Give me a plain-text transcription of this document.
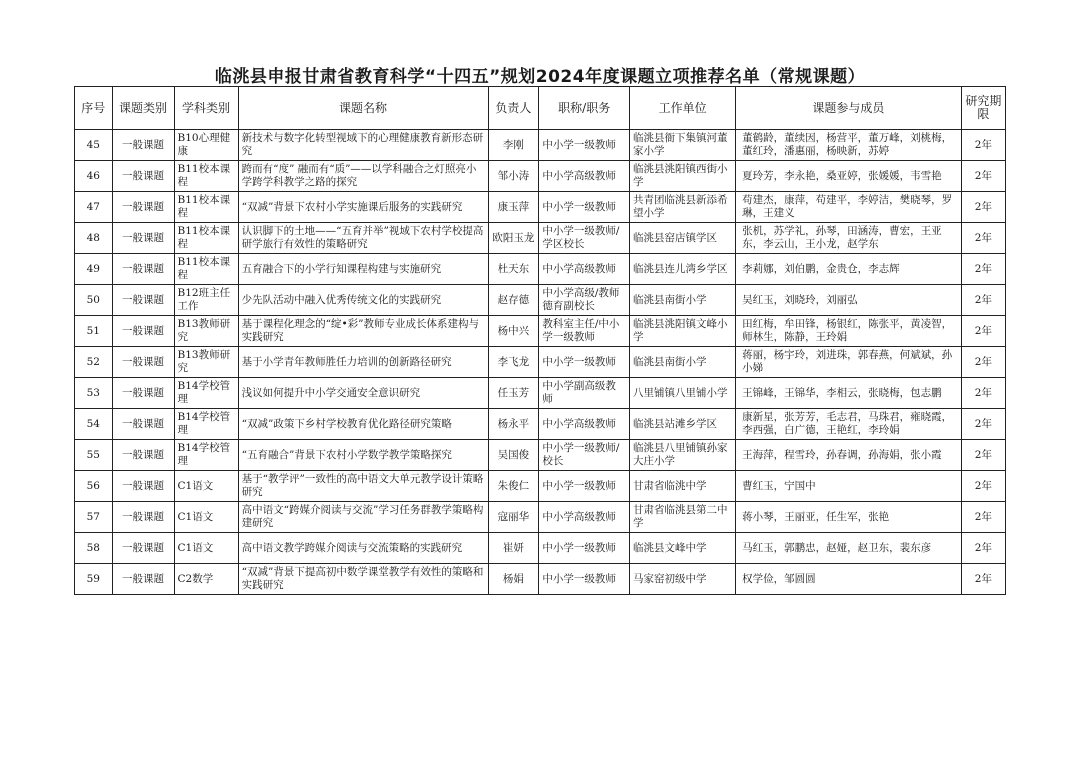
临洮县申报甘肃省教育科学“十四五”规划2024年度课题立项推荐名单（常规课题）
序号	课题类别	学科类别	课题名称	负责人	职称/职务	工作单位	课题参与成员	研究期限
45	一般课题	B10心理健康	新技术与数字化转型视域下的心理健康教育新形态研究	李刚	中小学一级教师	临洮县衙下集镇河董家小学	董鹤龄，董续因，杨营平，董万峰，刘桃梅，董红玲，潘惠丽，杨映新，苏婷	2年
46	一般课题	B11校本课程	跨而有“度” 融而有“质”——以学科融合之灯照亮小学跨学科教学之路的探究	邹小涛	中小学高级教师	临洮县洮阳镇西街小学	夏玲芳，李永艳，桑亚婷，张媛媛，韦雪艳	2年
47	一般课题	B11校本课程	“双减”背景下农村小学实施课后服务的实践研究	康玉萍	中小学一级教师	共青团临洮县新添希望小学	苟建杰，康萍，苟建平，李婷洁，樊晓琴，罗琳，王建义	2年
48	一般课题	B11校本课程	认识脚下的土地——“五育并举”视域下农村学校提高研学旅行有效性的策略研究	欧阳玉龙	中小学一级教师/学区校长	临洮县窑店镇学区	张机，苏学礼，孙琴，田涵涛，曹宏，王亚东，李云山，王小龙，赵学东	2年
49	一般课题	B11校本课程	五育融合下的小学行知课程构建与实施研究	杜天东	中小学高级教师	临洮县连儿湾乡学区	李莉娜，刘伯鹏，金贵仓，李志辉	2年
50	一般课题	B12班主任工作	少先队活动中融入优秀传统文化的实践研究	赵存德	中小学高级/教师德育副校长	临洮县南街小学	吴红玉，刘晓玲，刘丽弘	2年
51	一般课题	B13教师研究	基于课程化理念的“绽•彩”教师专业成长体系建构与实践研究	杨中兴	教科室主任/中小学一级教师	临洮县洮阳镇文峰小学	田红梅，牟田锋，杨银红，陈张平，黄凌智，师林生，陈静，王玲娟	2年
52	一般课题	B13教师研究	基于小学青年教师胜任力培训的创新路径研究	李飞龙	中小学一级教师	临洮县南街小学	蒋丽，杨宇玲，刘进珠，郭春燕，何斌斌，孙小娣	2年
53	一般课题	B14学校管理	浅议如何提升中小学交通安全意识研究	任玉芳	中小学副高级教师	八里铺镇八里铺小学	王锦峰，王锦华，李相云，张晓梅，包志鹏	2年
54	一般课题	B14学校管理	“双减”政策下乡村学校教育优化路径研究策略	杨永平	中小学高级教师	临洮县站滩乡学区	康新星，张芳芳，毛志君，马珠君，雍晓霞，李西强，白广德，王艳红，李玲娟	2年
55	一般课题	B14学校管理	“五育融合”背景下农村小学数学教学策略探究	吴国俊	中小学一级教师/校长	临洮县八里铺镇孙家大庄小学	王海萍，程雪玲，孙春调，孙海娟，张小霞	2年
56	一般课题	C1语文	基于“教学评”一致性的高中语文大单元教学设计策略研究	朱俊仁	中小学一级教师	甘肃省临洮中学	曹红玉，宁国中	2年
57	一般课题	C1语文	高中语文“跨媒介阅读与交流”学习任务群教学策略构建研究	寇丽华	中小学高级教师	甘肃省临洮县第二中学	蒋小琴，王丽亚，任生军，张艳	2年
58	一般课题	C1语文	高中语文教学跨媒介阅读与交流策略的实践研究	崔妍	中小学一级教师	临洮县文峰中学	马红玉，郭鹏忠，赵娅，赵卫东，裴东彦	2年
59	一般课题	C2数学	“双减”背景下提高初中数学课堂教学有效性的策略和实践研究	杨娟	中小学一级教师	马家窑初级中学	权学俭，邹圆圆	2年
